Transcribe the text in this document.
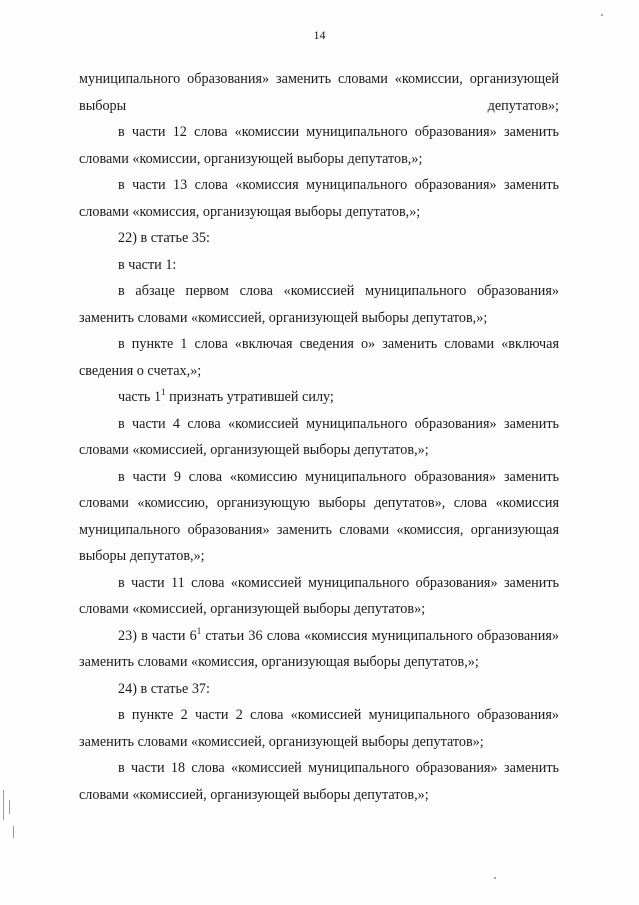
14

муниципального образования» заменить словами «комиссии, организующей выборы депутатов»;

в части 12 слова «комиссии муниципального образования» заменить словами «комиссии, организующей выборы депутатов,»;

в части 13 слова «комиссия муниципального образования» заменить словами «комиссия, организующая выборы депутатов,»;

22) в статье 35:

в части 1:

в абзаце первом слова «комиссией муниципального образования» заменить словами «комиссией, организующей выборы депутатов,»;

в пункте 1 слова «включая сведения о» заменить словами «включая сведения о счетах,»;

часть $1^1$ признать утратившей силу;

в части 4 слова «комиссией муниципального образования» заменить словами «комиссией, организующей выборы депутатов,»;

в части 9 слова «комиссию муниципального образования» заменить словами «комиссию, организующую выборы депутатов», слова «комиссия муниципального образования» заменить словами «комиссия, организующая выборы депутатов,»;

в части 11 слова «комиссией муниципального образования» заменить словами «комиссией, организующей выборы депутатов»;

23) в части $6^1$ статьи 36 слова «комиссия муниципального образования» заменить словами «комиссия, организующая выборы депутатов,»;

24) в статье 37:

в пункте 2 части 2 слова «комиссией муниципального образования» заменить словами «комиссией, организующей выборы депутатов»;

в части 18 слова «комиссией муниципального образования» заменить словами «комиссией, организующей выборы депутатов,»;
